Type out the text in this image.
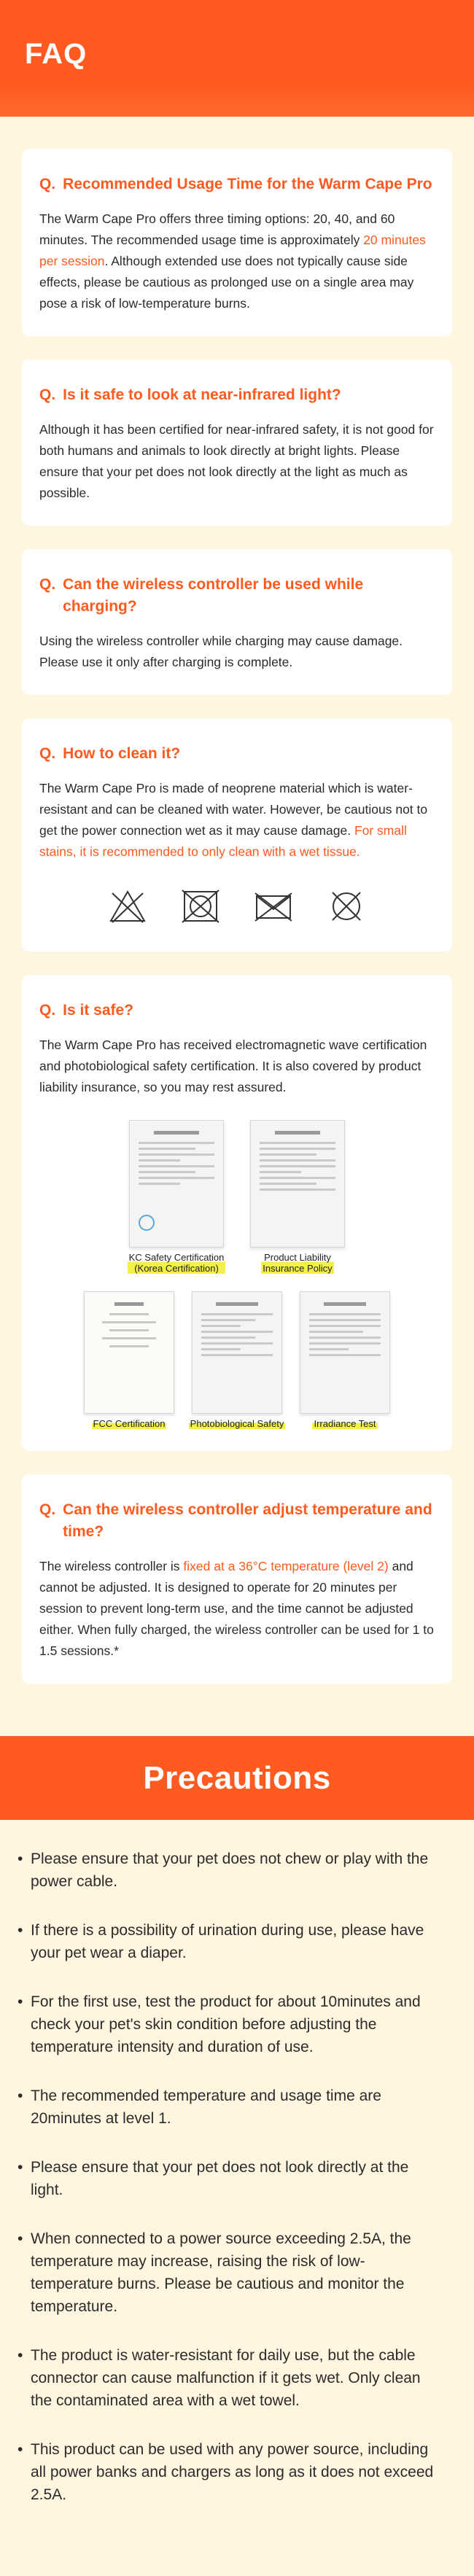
FAQ
Q. Recommended Usage Time for the Warm Cape Pro

The Warm Cape Pro offers three timing options: 20, 40, and 60 minutes. The recommended usage time is approximately 20 minutes per session. Although extended use does not typically cause side effects, please be cautious as prolonged use on a single area may pose a risk of low-temperature burns.

Q. Is it safe to look at near-infrared light?

Although it has been certified for near-infrared safety, it is not good for both humans and animals to look directly at bright lights. Please ensure that your pet does not look directly at the light as much as possible.

Q. Can the wireless controller be used while charging?

Using the wireless controller while charging may cause damage. Please use it only after charging is complete.

Q. How to clean it?

The Warm Cape Pro is made of neoprene material which is water-resistant and can be cleaned with water. However, be cautious not to get the power connection wet as it may cause damage. For small stains, it is recommended to only clean with a wet tissue.

Q. Is it safe?

The Warm Cape Pro has received electromagnetic wave certification and photobiological safety certification. It is also covered by product liability insurance, so you may rest assured.

KC Safety Certification
(Korea Certification)
Product Liability
Insurance Policy
FCC Certification	Photobiological Safety	Irradiance Test
Q. Can the wireless controller adjust temperature and time?

The wireless controller is fixed at a 36°C temperature (level 2) and cannot be adjusted. It is designed to operate for 20 minutes per session to prevent long-term use, and the time cannot be adjusted either. When fully charged, the wireless controller can be used for 1 to 1.5 sessions.*

Precautions
• Please ensure that your pet does not chew or play with the power cable.
• If there is a possibility of urination during use, please have your pet wear a diaper.
• For the first use, test the product for about 10minutes and check your pet's skin condition before adjusting the temperature intensity and duration of use.
• The recommended temperature and usage time are 20minutes at level 1.
• Please ensure that your pet does not look directly at the light.
• When connected to a power source exceeding 2.5A, the temperature may increase, raising the risk of low-temperature burns. Please be cautious and monitor the temperature.
• The product is water-resistant for daily use, but the cable connector can cause malfunction if it gets wet. Only clean the contaminated area with a wet towel.
• This product can be used with any power source, including all power banks and chargers as long as it does not exceed 2.5A.
